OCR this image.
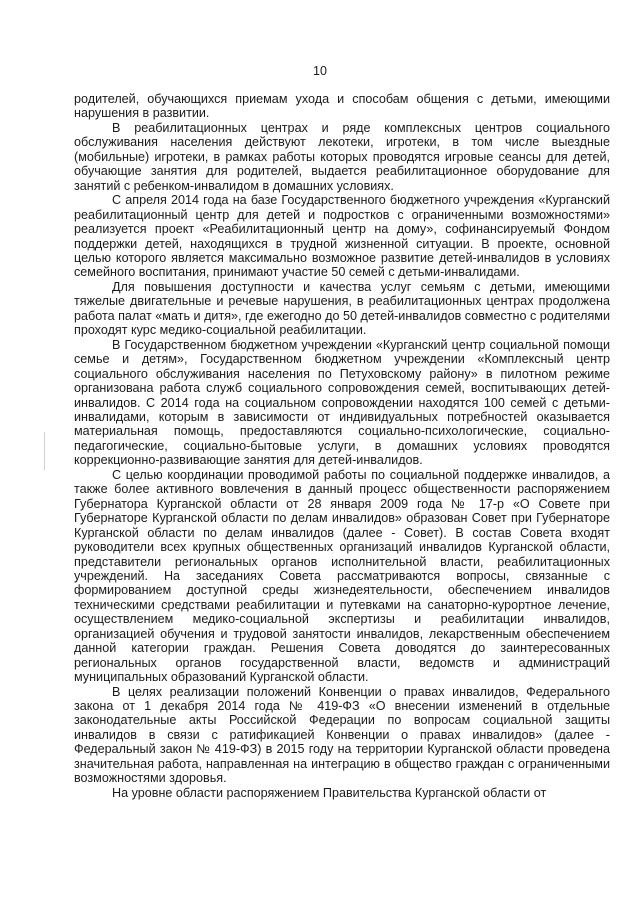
10

родителей, обучающихся приемам ухода и способам общения с детьми, имеющими нарушения в развитии.

В реабилитационных центрах и ряде комплексных центров социального обслуживания населения действуют лекотеки, игротеки, в том числе выездные (мобильные) игротеки, в рамках работы которых проводятся игровые сеансы для детей, обучающие занятия для родителей, выдается реабилитационное оборудование для занятий с ребенком-инвалидом в домашних условиях.

С апреля 2014 года на базе Государственного бюджетного учреждения «Курганский реабилитационный центр для детей и подростков с ограниченными возможностями» реализуется проект «Реабилитационный центр на дому», софинансируемый Фондом поддержки детей, находящихся в трудной жизненной ситуации. В проекте, основной целью которого является максимально возможное развитие детей-инвалидов в условиях семейного воспитания, принимают участие 50 семей с детьми-инвалидами.

Для повышения доступности и качества услуг семьям с детьми, имеющими тяжелые двигательные и речевые нарушения, в реабилитационных центрах продолжена работа палат «мать и дитя», где ежегодно до 50 детей-инвалидов совместно с родителями проходят курс медико-социальной реабилитации.

В Государственном бюджетном учреждении «Курганский центр социальной помощи семье и детям», Государственном бюджетном учреждении «Комплексный центр социального обслуживания населения по Петуховскому району» в пилотном режиме организована работа служб социального сопровождения семей, воспитывающих детей-инвалидов. С 2014 года на социальном сопровождении находятся 100 семей с детьми-инвалидами, которым в зависимости от индивидуальных потребностей оказывается материальная помощь, предоставляются социально-психологические, социально-педагогические, социально-бытовые услуги, в домашних условиях проводятся коррекционно-развивающие занятия для детей-инвалидов.

С целью координации проводимой работы по социальной поддержке инвалидов, а также более активного вовлечения в данный процесс общественности распоряжением Губернатора Курганской области от 28 января 2009 года № 17-р «О Совете при Губернаторе Курганской области по делам инвалидов» образован Совет при Губернаторе Курганской области по делам инвалидов (далее - Совет). В состав Совета входят руководители всех крупных общественных организаций инвалидов Курганской области, представители региональных органов исполнительной власти, реабилитационных учреждений. На заседаниях Совета рассматриваются вопросы, связанные с формированием доступной среды жизнедеятельности, обеспечением инвалидов техническими средствами реабилитации и путевками на санаторно-курортное лечение, осуществлением медико-социальной экспертизы и реабилитации инвалидов, организацией обучения и трудовой занятости инвалидов, лекарственным обеспечением данной категории граждан. Решения Совета доводятся до заинтересованных региональных органов государственной власти, ведомств и администраций муниципальных образований Курганской области.

В целях реализации положений Конвенции о правах инвалидов, Федерального закона от 1 декабря 2014 года № 419-ФЗ «О внесении изменений в отдельные законодательные акты Российской Федерации по вопросам социальной защиты инвалидов в связи с ратификацией Конвенции о правах инвалидов» (далее - Федеральный закон № 419-ФЗ) в 2015 году на территории Курганской области проведена значительная работа, направленная на интеграцию в общество граждан с ограниченными возможностями здоровья.

На уровне области распоряжением Правительства Курганской области от
